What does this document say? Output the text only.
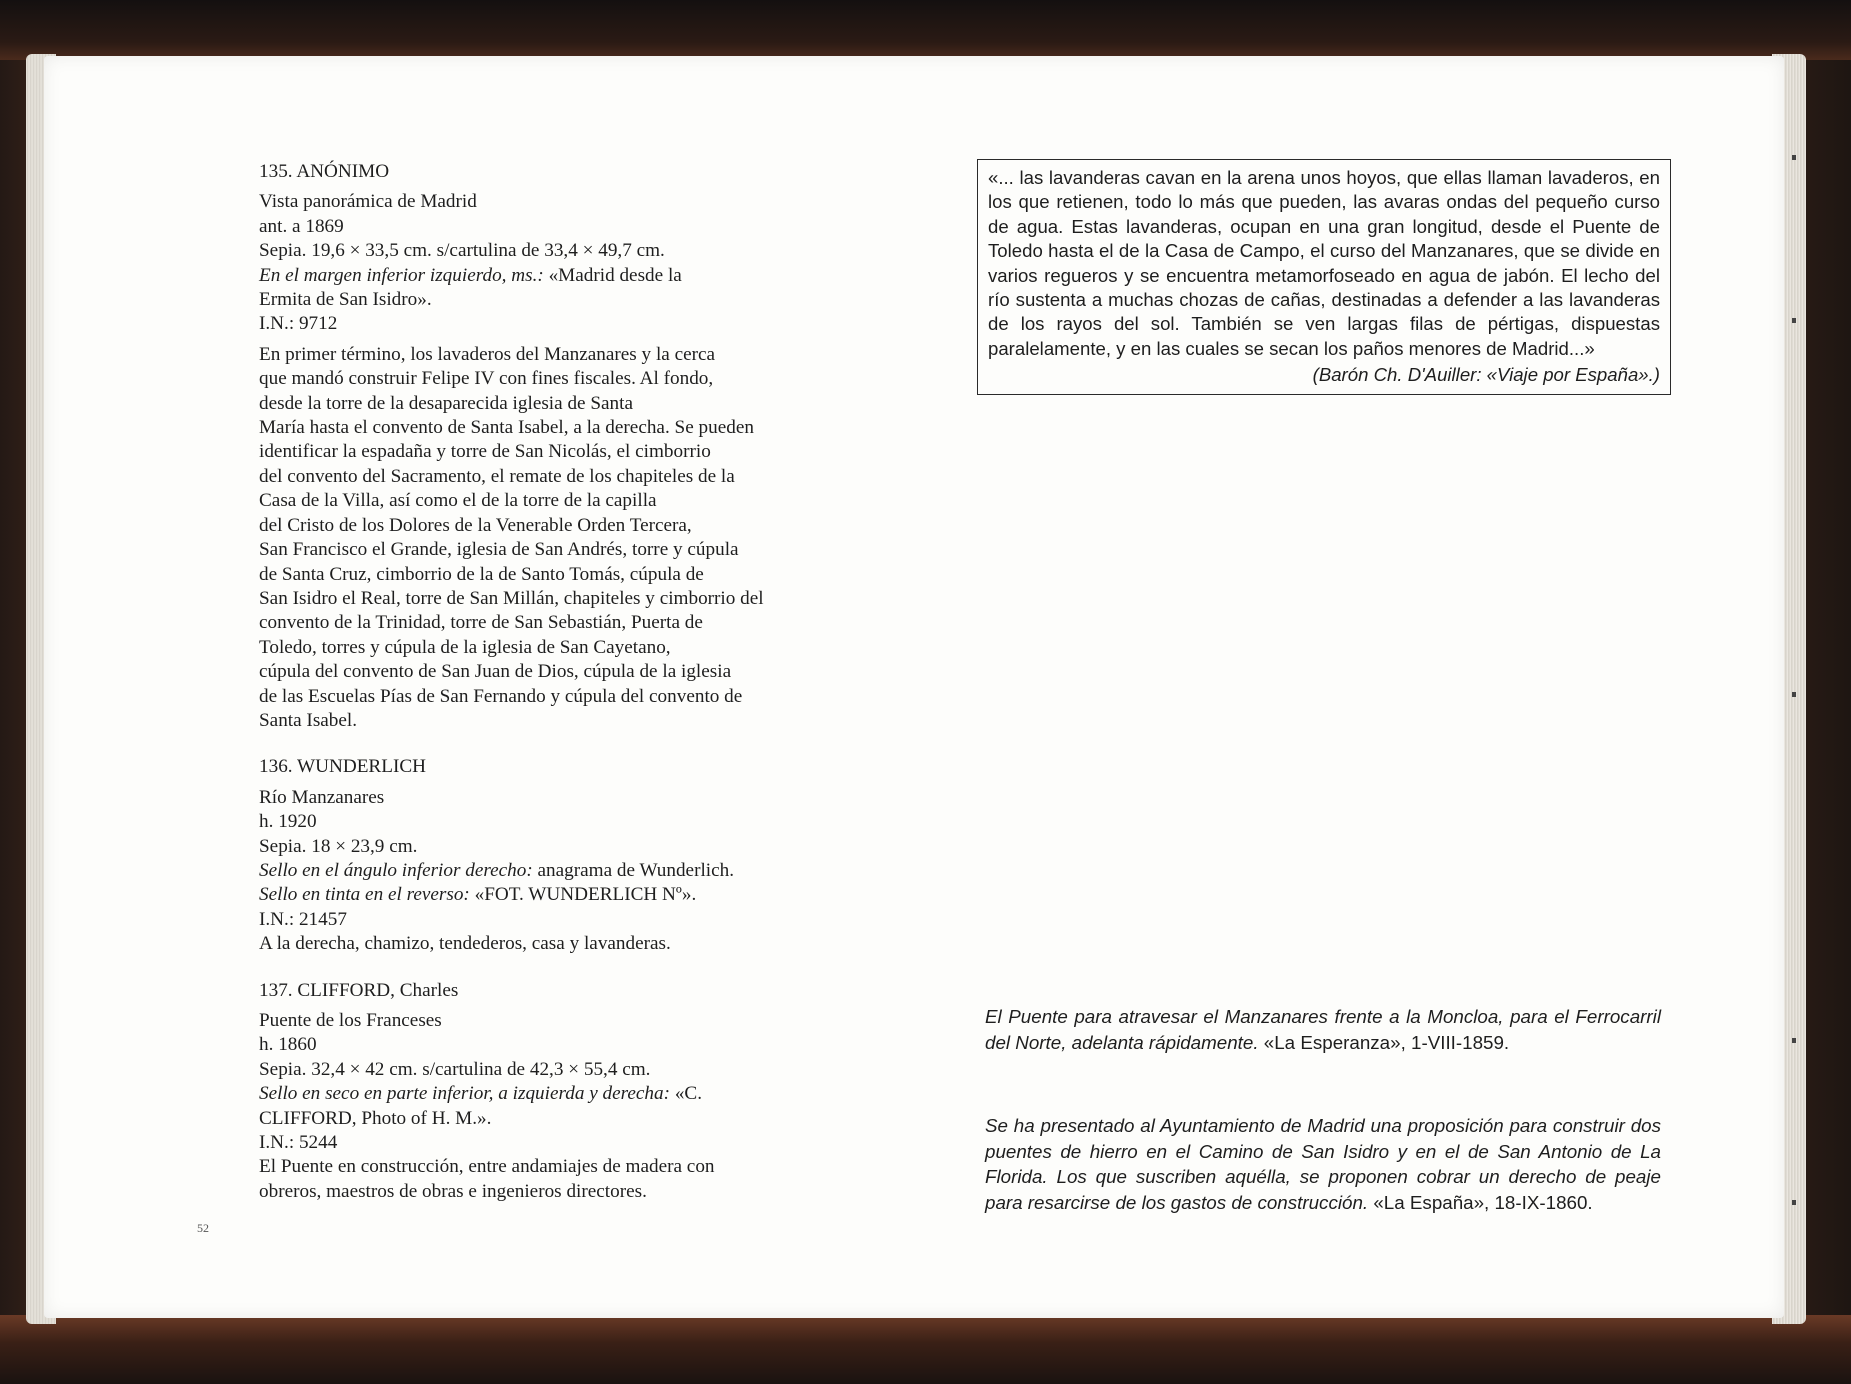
135. ANÓNIMO

Vista panorámica de Madrid

ant. a 1869

Sepia. 19,6 × 33,5 cm. s/cartulina de 33,4 × 49,7 cm.

En el margen inferior izquierdo, ms.: «Madrid desde la

Ermita de San Isidro».

I.N.: 9712

En primer término, los lavaderos del Manzanares y la cerca

que mandó construir Felipe IV con fines fiscales. Al fondo,

desde la torre de la desaparecida iglesia de Santa

María hasta el convento de Santa Isabel, a la derecha. Se pueden

identificar la espadaña y torre de San Nicolás, el cimborrio

del convento del Sacramento, el remate de los chapiteles de la

Casa de la Villa, así como el de la torre de la capilla

del Cristo de los Dolores de la Venerable Orden Tercera,

San Francisco el Grande, iglesia de San Andrés, torre y cúpula

de Santa Cruz, cimborrio de la de Santo Tomás, cúpula de

San Isidro el Real, torre de San Millán, chapiteles y cimborrio del

convento de la Trinidad, torre de San Sebastián, Puerta de

Toledo, torres y cúpula de la iglesia de San Cayetano,

cúpula del convento de San Juan de Dios, cúpula de la iglesia

de las Escuelas Pías de San Fernando y cúpula del convento de

Santa Isabel.

136. WUNDERLICH

Río Manzanares

h. 1920

Sepia. 18 × 23,9 cm.

Sello en el ángulo inferior derecho: anagrama de Wunderlich.

Sello en tinta en el reverso: «FOT. WUNDERLICH Nº».

I.N.: 21457

A la derecha, chamizo, tendederos, casa y lavanderas.

137. CLIFFORD, Charles

Puente de los Franceses

h. 1860

Sepia. 32,4 × 42 cm. s/cartulina de 42,3 × 55,4 cm.

Sello en seco en parte inferior, a izquierda y derecha: «C.

CLIFFORD, Photo of H. M.».

I.N.: 5244

El Puente en construcción, entre andamiajes de madera con

obreros, maestros de obras e ingenieros directores.

«... las lavanderas cavan en la arena unos hoyos, que ellas llaman lavaderos, en los que retienen, todo lo más que pueden, las avaras ondas del pequeño curso de agua. Estas lavanderas, ocupan en una gran longitud, desde el Puente de Toledo hasta el de la Casa de Campo, el curso del Manzanares, que se divide en varios regueros y se encuentra metamorfoseado en agua de jabón. El lecho del río sustenta a muchas chozas de cañas, destinadas a defender a las lavanderas de los rayos del sol. También se ven largas filas de pértigas, dispuestas paralelamente, y en las cuales se secan los paños menores de Madrid...»

(Barón Ch. D'Auiller: «Viaje por España».)

El Puente para atravesar el Manzanares frente a la Moncloa, para el Ferrocarril del Norte, adelanta rápidamente. «La Esperanza», 1-VIII-1859.
Se ha presentado al Ayuntamiento de Madrid una proposición para construir dos puentes de hierro en el Camino de San Isidro y en el de San Antonio de La Florida. Los que suscriben aquélla, se proponen cobrar un derecho de peaje para resarcirse de los gastos de construcción. «La España», 18-IX-1860.
52
